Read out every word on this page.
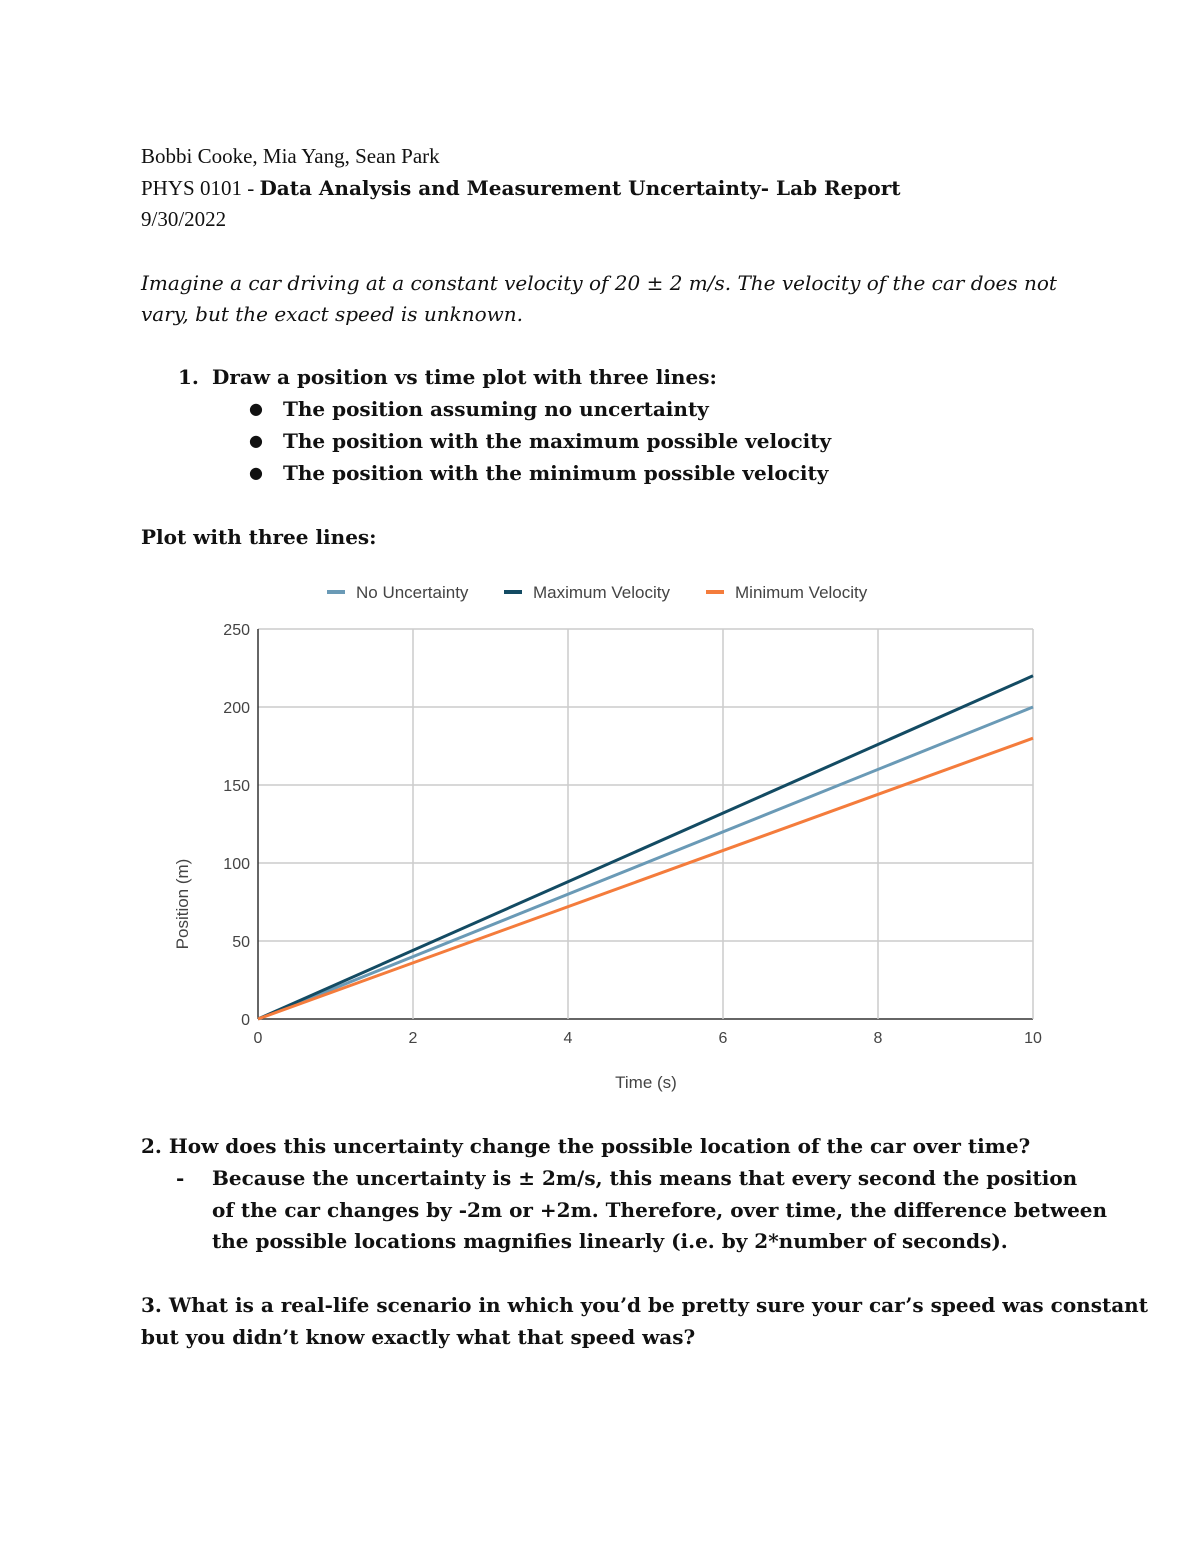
Bobbi Cooke, Mia Yang, Sean Park
PHYS 0101 - Data Analysis and Measurement Uncertainty- Lab Report
9/30/2022
Imagine a car driving at a constant velocity of 20 ± 2 m/s. The velocity of the car does not
vary, but the exact speed is unknown.
1. Draw a position vs time plot with three lines:
● The position assuming no uncertainty
● The position with the maximum possible velocity
● The position with the minimum possible velocity
Plot with three lines:
0
50
100
150
200
250
0	2	4	6	8	10
No Uncertainty	Maximum Velocity	Minimum Velocity
Time (s)
Position (m)
2. How does this uncertainty change the possible location of the car over time?
- Because the uncertainty is ± 2m/s, this means that every second the position
of the car changes by -2m or +2m. Therefore, over time, the difference between
the possible locations magnifies linearly (i.e. by 2*number of seconds).
3. What is a real-life scenario in which you’d be pretty sure your car’s speed was constant
but you didn’t know exactly what that speed was?
